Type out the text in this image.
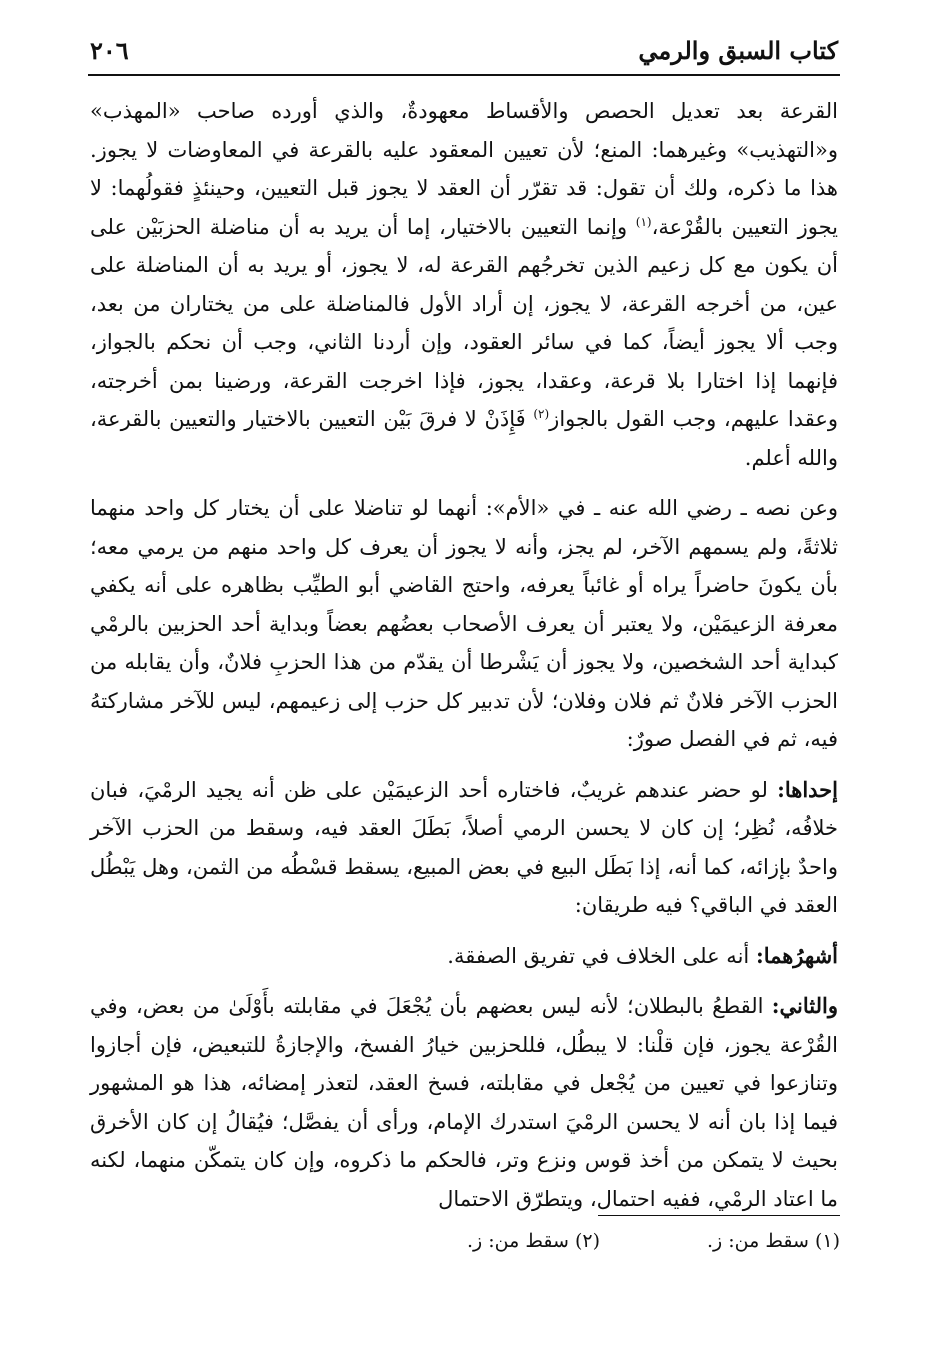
كتاب السبق والرمي
٢٠٦

القرعة بعد تعديل الحصص والأقساط معهودةٌ، والذي أورده صاحب «المهذب» و«التهذيب» وغيرهما: المنع؛ لأن تعيين المعقود عليه بالقرعة في المعاوضات لا يجوز. هذا ما ذكره، ولك أن تقول: قد تقرّر أن العقد لا يجوز قبل التعيين، وحينئذٍ فقولُهما: لا يجوز التعيين بالقُرْعة،$^{(١)}$ وإنما التعيين بالاختيار، إما أن يريد به أن مناضلة الحزبَيْن على أن يكون مع كل زعيم الذين تخرجُهم القرعة له، لا يجوز، أو يريد به أن المناضلة على عين، من أخرجه القرعة، لا يجوز، إن أراد الأول فالمناضلة على من يختاران من بعد، وجب ألا يجوز أيضاً، كما في سائر العقود، وإن أردنا الثاني، وجب أن نحكم بالجواز، فإنهما إذا اختارا بلا قرعة، وعقدا، يجوز، فإذا اخرجت القرعة، ورضينا بمن أخرجته، وعقدا عليهم، وجب القول بالجواز$^{(٢)}$ فَإِذَنْ لا فرقَ بَيْن التعيين بالاختيار والتعيين بالقرعة، والله أعلم.

وعن نصه ـ رضي الله عنه ـ في «الأم»: أنهما لو تناضلا على أن يختار كل واحد منهما ثلاثةً، ولم يسمهم الآخر، لم يجز، وأنه لا يجوز أن يعرف كل واحد منهم من يرمي معه؛ بأن يكونَ حاضراً يراه أو غائباً يعرفه، واحتج القاضي أبو الطيِّب بظاهره على أنه يكفي معرفة الزعيمَيْن، ولا يعتبر أن يعرف الأصحاب بعضُهم بعضاً وبداية أحد الحزبين بالرمْي كبداية أحد الشخصين، ولا يجوز أن يَشْرطا أن يقدّم من هذا الحزبِ فلانٌ، وأن يقابله من الحزب الآخر فلانٌ ثم فلان وفلان؛ لأن تدبير كل حزب إلى زعيمهم، ليس للآخر مشاركتهُ فيه، ثم في الفصل صورٌ:

إحداها: لو حضر عندهم غريبٌ، فاختاره أحد الزعيمَيْن على ظن أنه يجيد الرمْيَ، فبان خلافُه، نُظِر؛ إن كان لا يحسن الرمي أصلاً، بَطَلَ العقد فيه، وسقط من الحزب الآخر واحدٌ بإزائه، كما أنه، إذا بَطَل البيع في بعض المبيع، يسقط قسْطُه من الثمن، وهل يَبْطُل العقد في الباقي؟ فيه طريقان:

أشهرُهما: أنه على الخلاف في تفريق الصفقة.

والثاني: القطعُ بالبطلان؛ لأنه ليس بعضهم بأن يُجْعَلَ في مقابلته بأَوْلَىٰ من بعض، وفي القُرْعة يجوز، فإن قلْنا: لا يبطُل، فللحزبين خيارُ الفسخ، والإجازةُ للتبعيض، فإن أجازوا وتنازعوا في تعيين من يُجْعل في مقابلته، فسخ العقد، لتعذر إمضائه، هذا هو المشهور فيما إذا بان أنه لا يحسن الرمْيَ استدرك الإمام، ورأى أن يفصَّل؛ فيُقالُ إن كان الأخرق بحيث لا يتمكن من أخذ قوس ونزع وتر، فالحكم ما ذكروه، وإن كان يتمكّن منهما، لكنه ما اعتاد الرمْي، ففيه احتمال، ويتطرّق الاحتمال

(١) سقط من: ز.
(٢) سقط من: ز.
